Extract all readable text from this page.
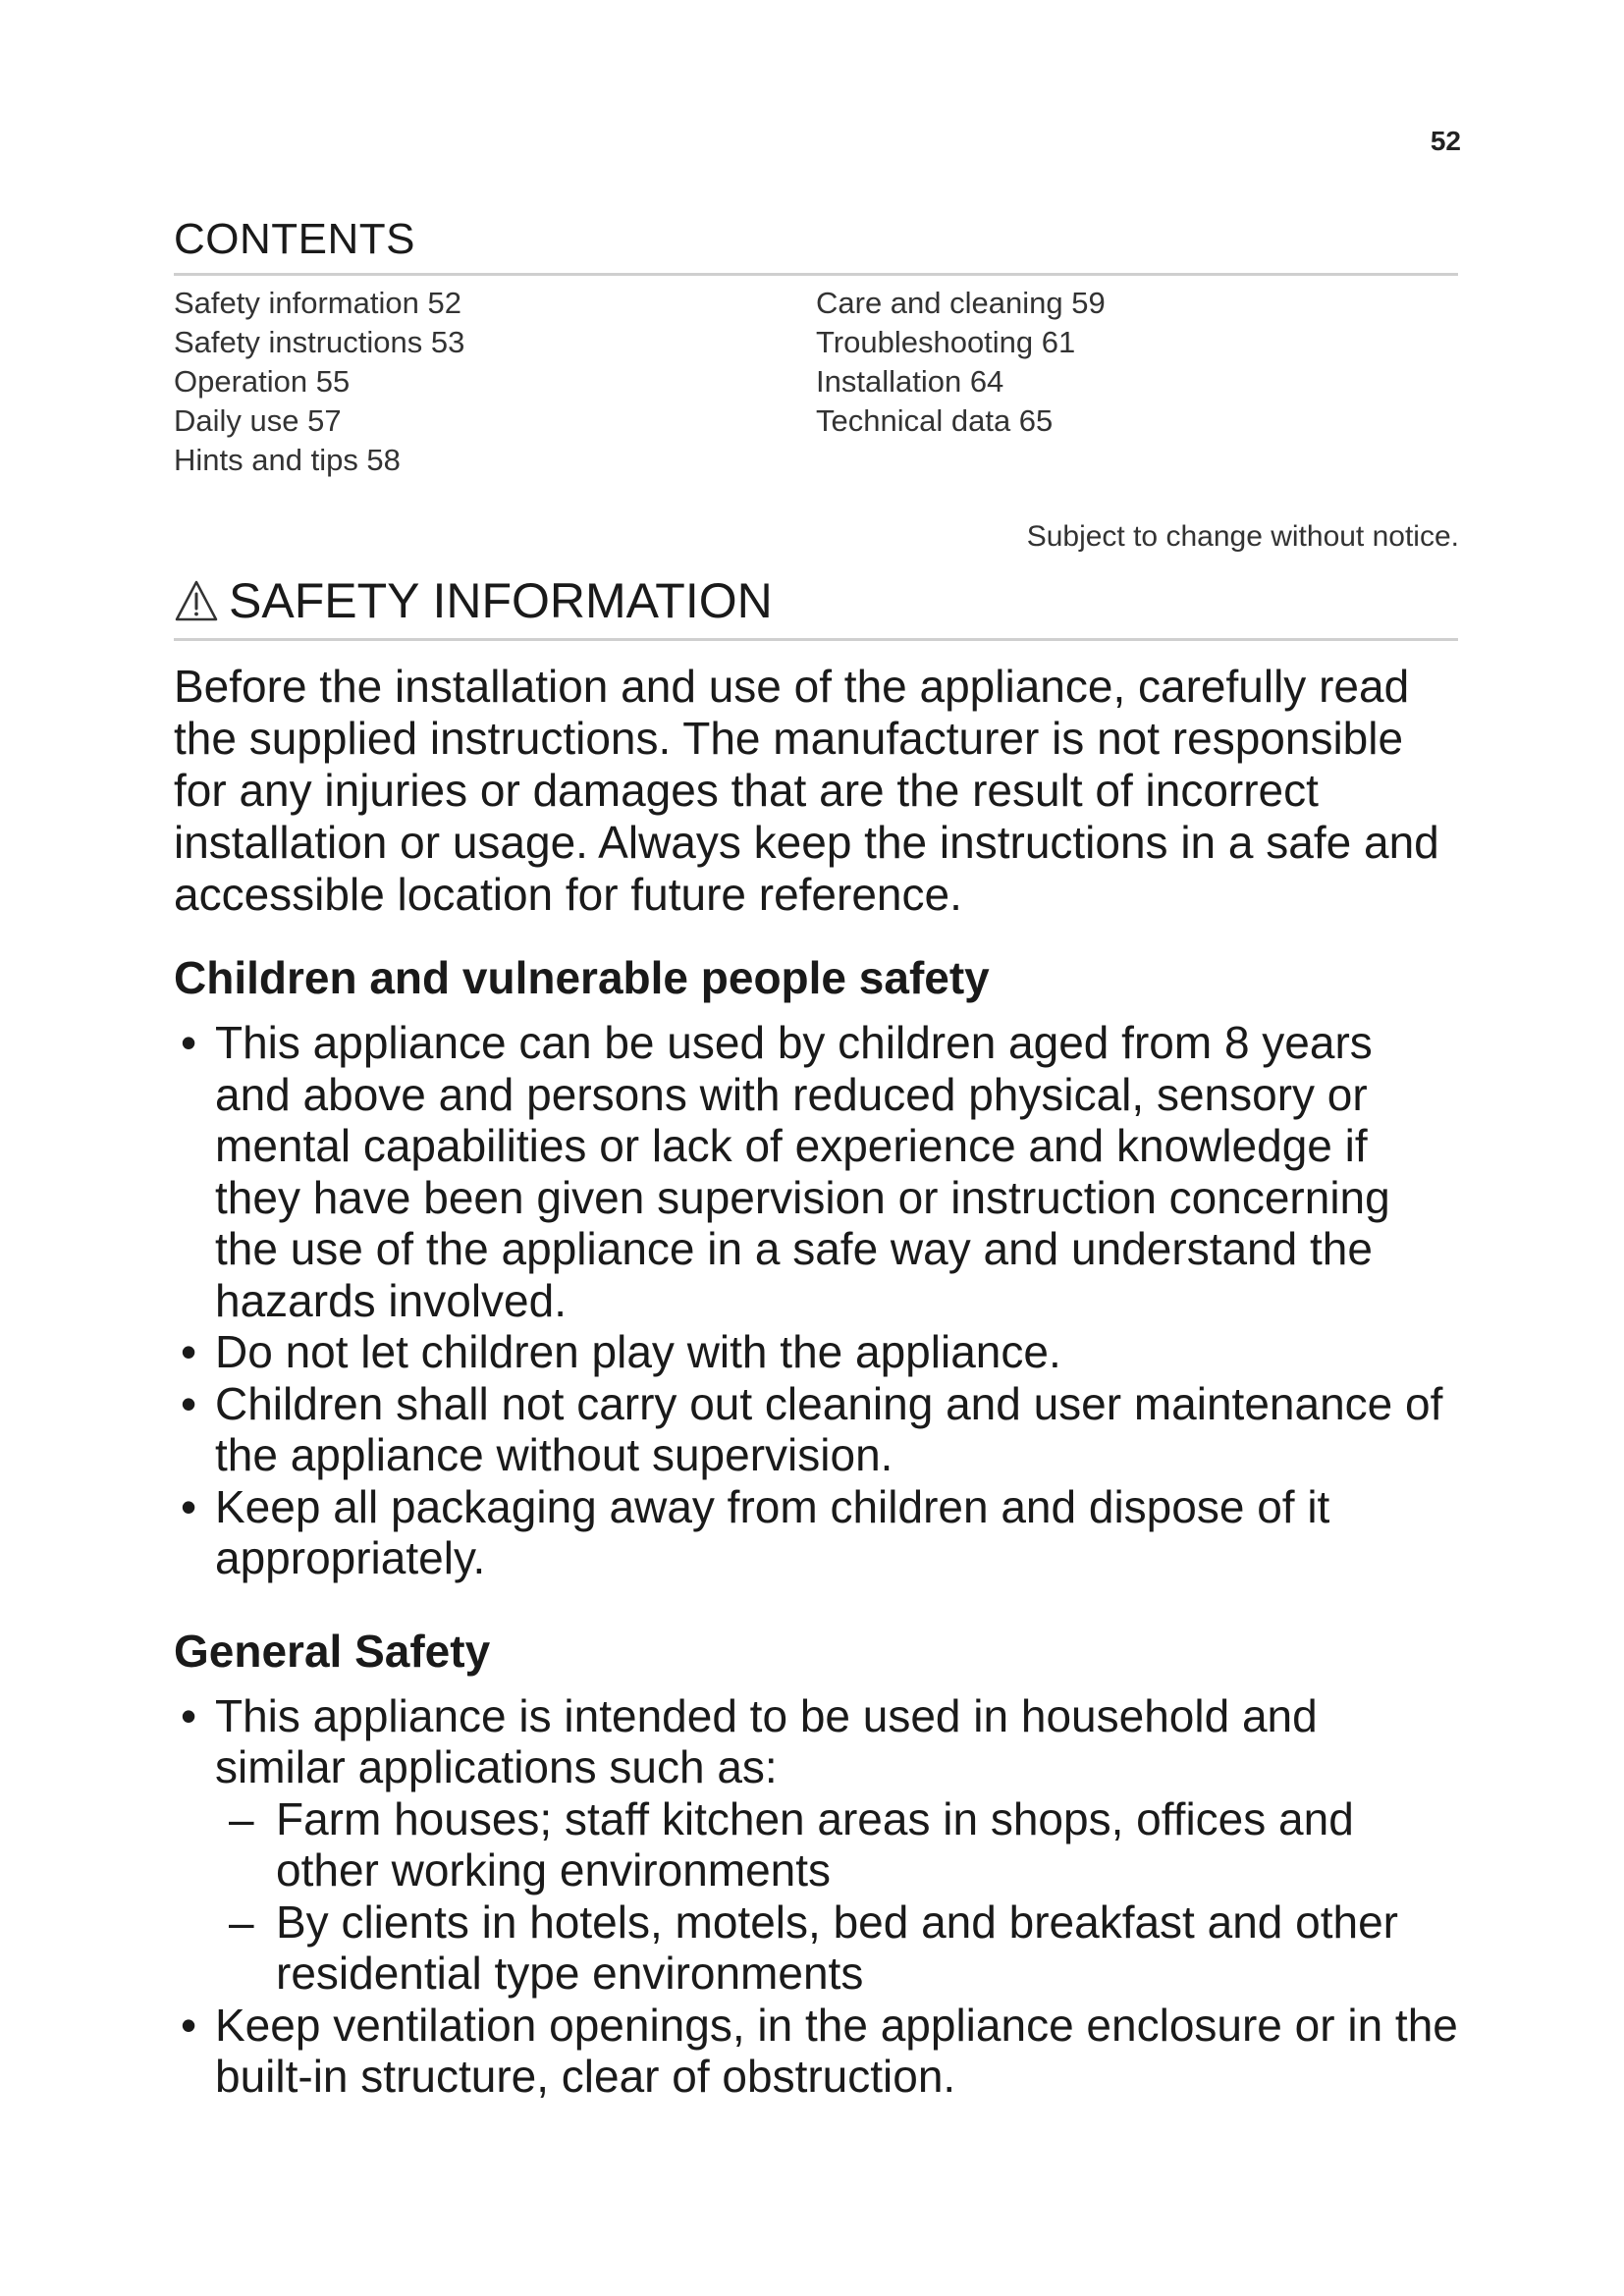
52
CONTENTS
Safety information 52
Safety instructions 53
Operation 55
Daily use 57
Hints and tips 58
Care and cleaning 59
Troubleshooting 61
Installation 64
Technical data 65
Subject to change without notice.
SAFETY INFORMATION
Before the installation and use of the appliance, carefully read the supplied instructions. The manufacturer is not responsible for any injuries or damages that are the result of incorrect installation or usage. Always keep the instructions in a safe and accessible location for future reference.
Children and vulnerable people safety
• This appliance can be used by children aged from 8 years and above and persons with reduced physical, sensory or mental capabilities or lack of experience and knowledge if they have been given supervision or instruction concerning the use of the appliance in a safe way and understand the hazards involved.
• Do not let children play with the appliance.
• Children shall not carry out cleaning and user maintenance of the appliance without supervision.
• Keep all packaging away from children and dispose of it appropriately.
General Safety
• This appliance is intended to be used in household and similar applications such as:
– Farm houses; staff kitchen areas in shops, offices and other working environments
– By clients in hotels, motels, bed and breakfast and other residential type environments
• Keep ventilation openings, in the appliance enclosure or in the built-in structure, clear of obstruction.
